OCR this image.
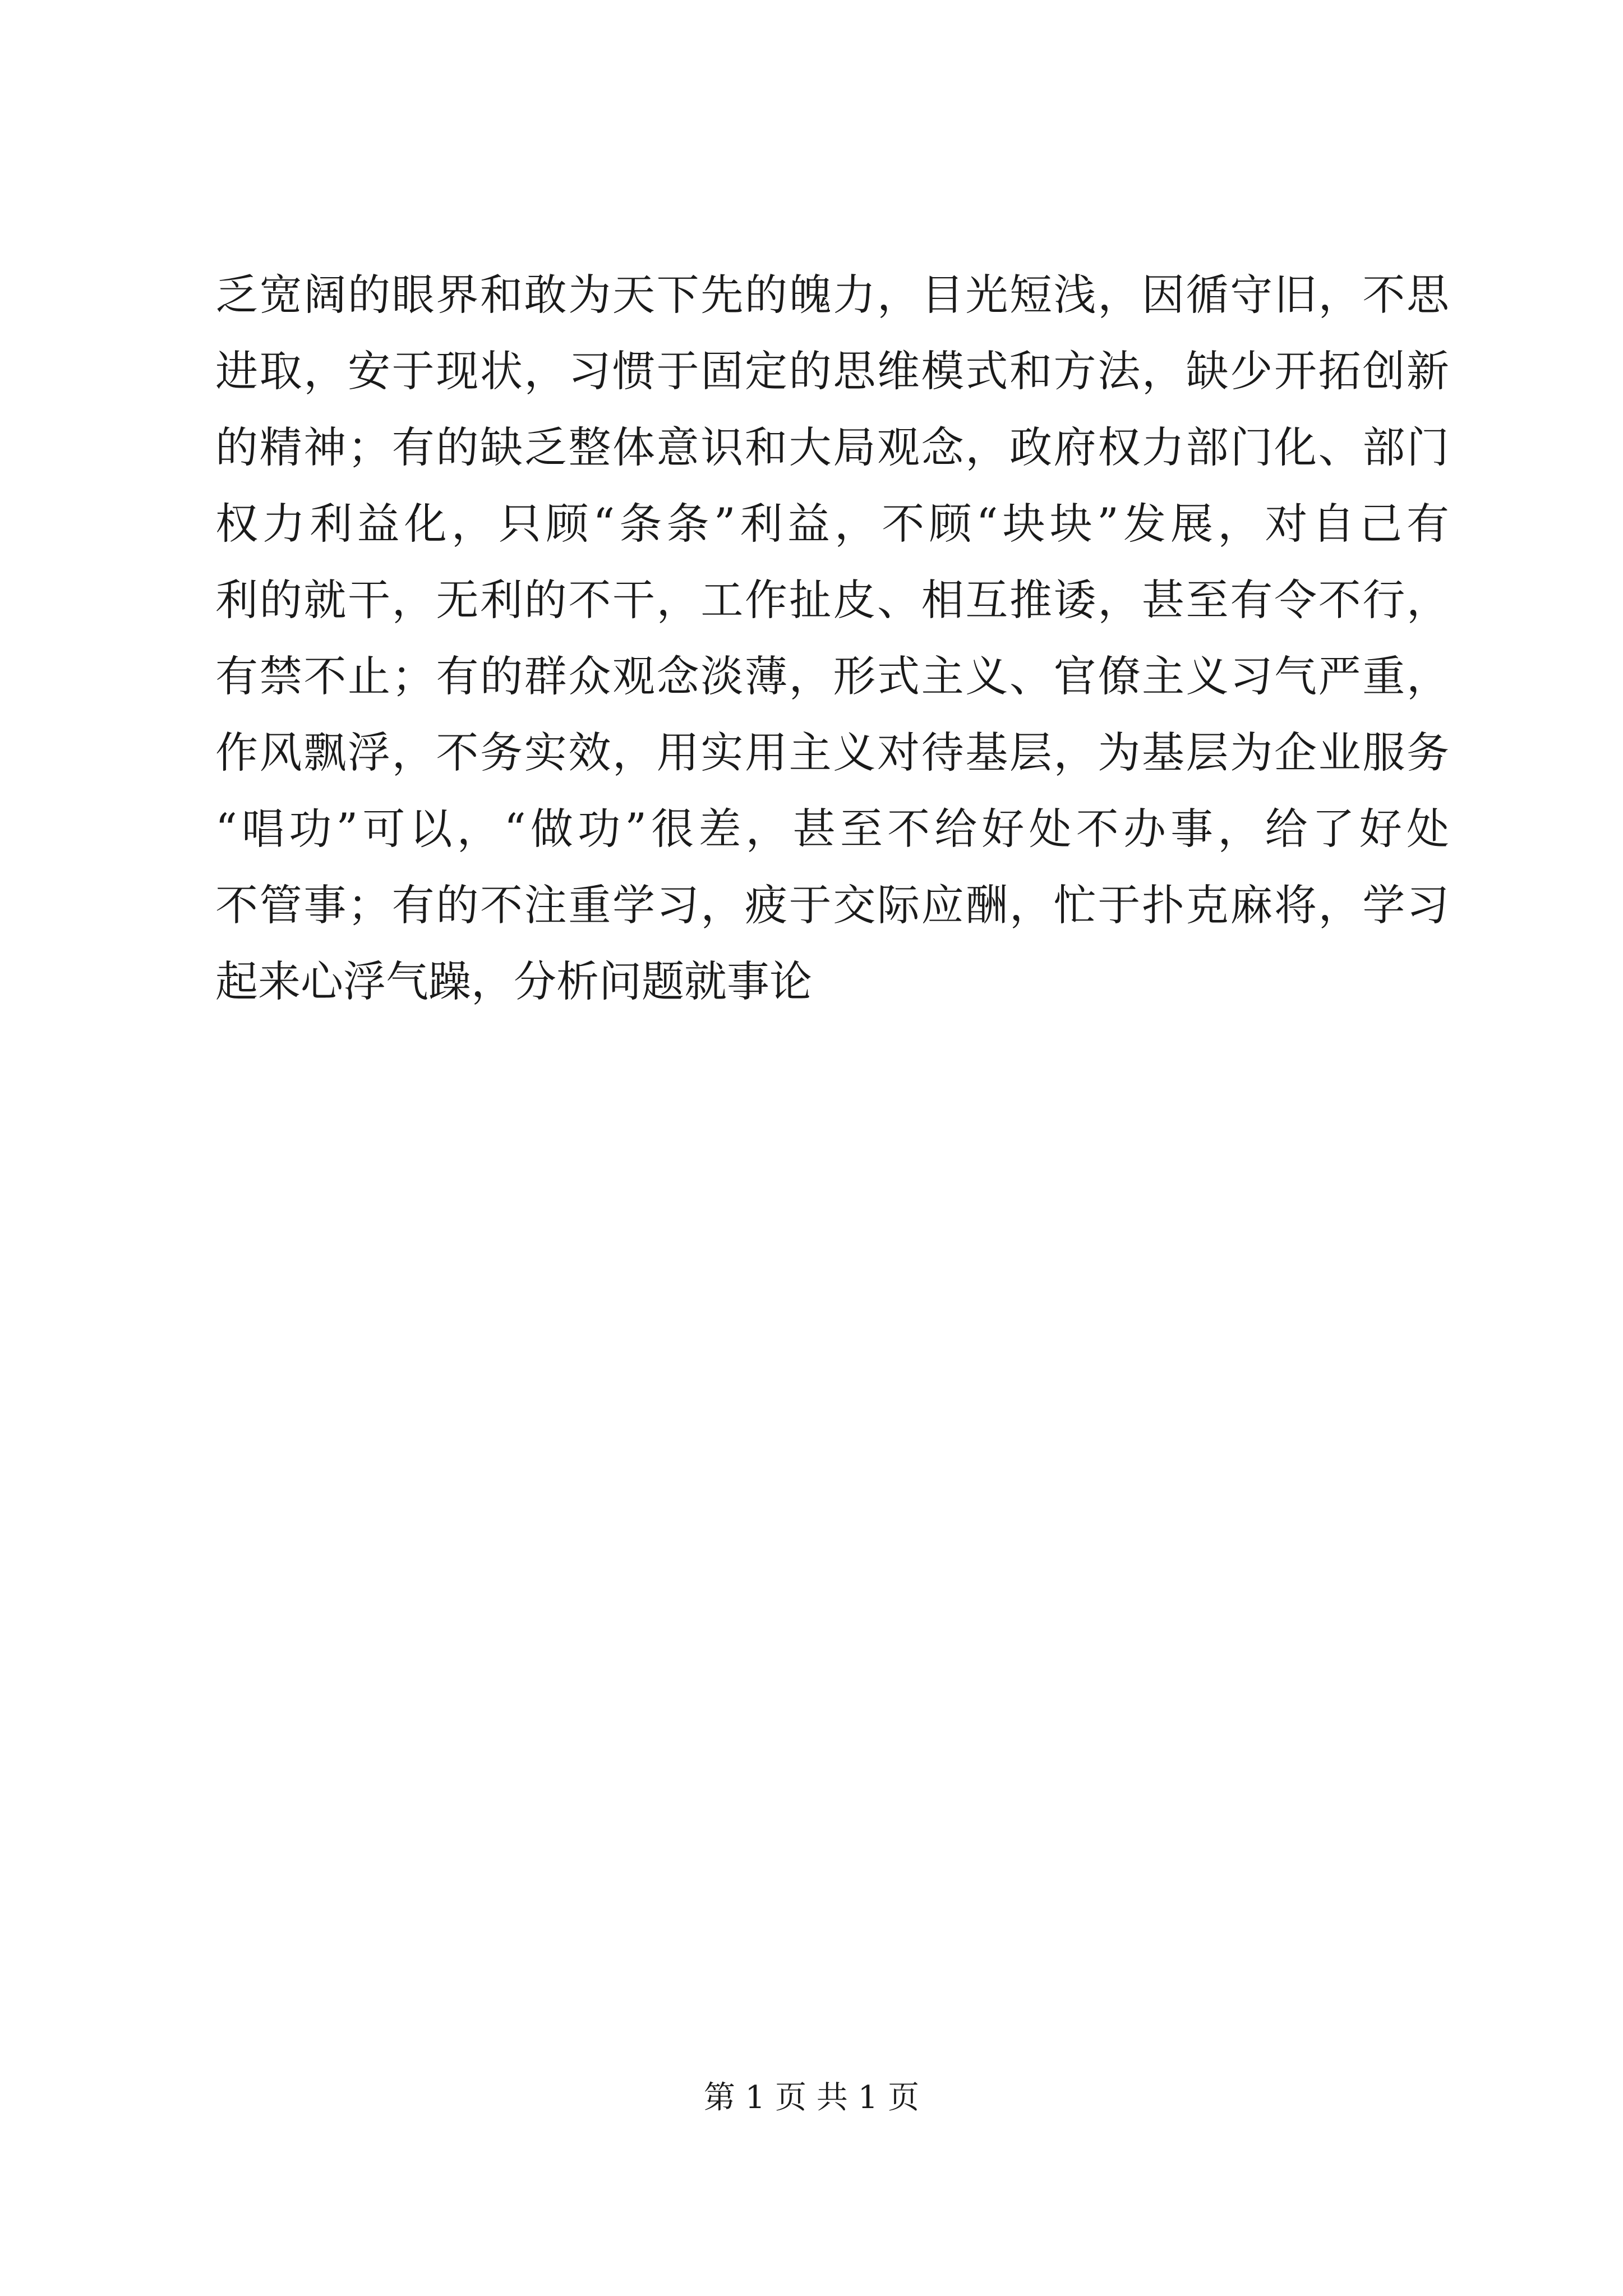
乏宽阔的眼界和敢为天下先的魄力，目光短浅，因循守旧，不思
进取，安于现状，习惯于固定的思维模式和方法，缺少开拓创新
的精神；有的缺乏整体意识和大局观念，政府权力部门化、部门
权力利益化，只顾“条条”利益，不顾“块块”发展，对自己有
利的就干，无利的不干，工作扯皮、相互推诿，甚至有令不行，
有禁不止；有的群众观念淡薄，形式主义、官僚主义习气严重，
作风飘浮，不务实效，用实用主义对待基层，为基层为企业服务
“唱功”可以，“做功”很差，甚至不给好处不办事，给了好处
不管事；有的不注重学习，疲于交际应酬，忙于扑克麻将，学习
起来心浮气躁，分析问题就事论
第 1 页 共 1 页
